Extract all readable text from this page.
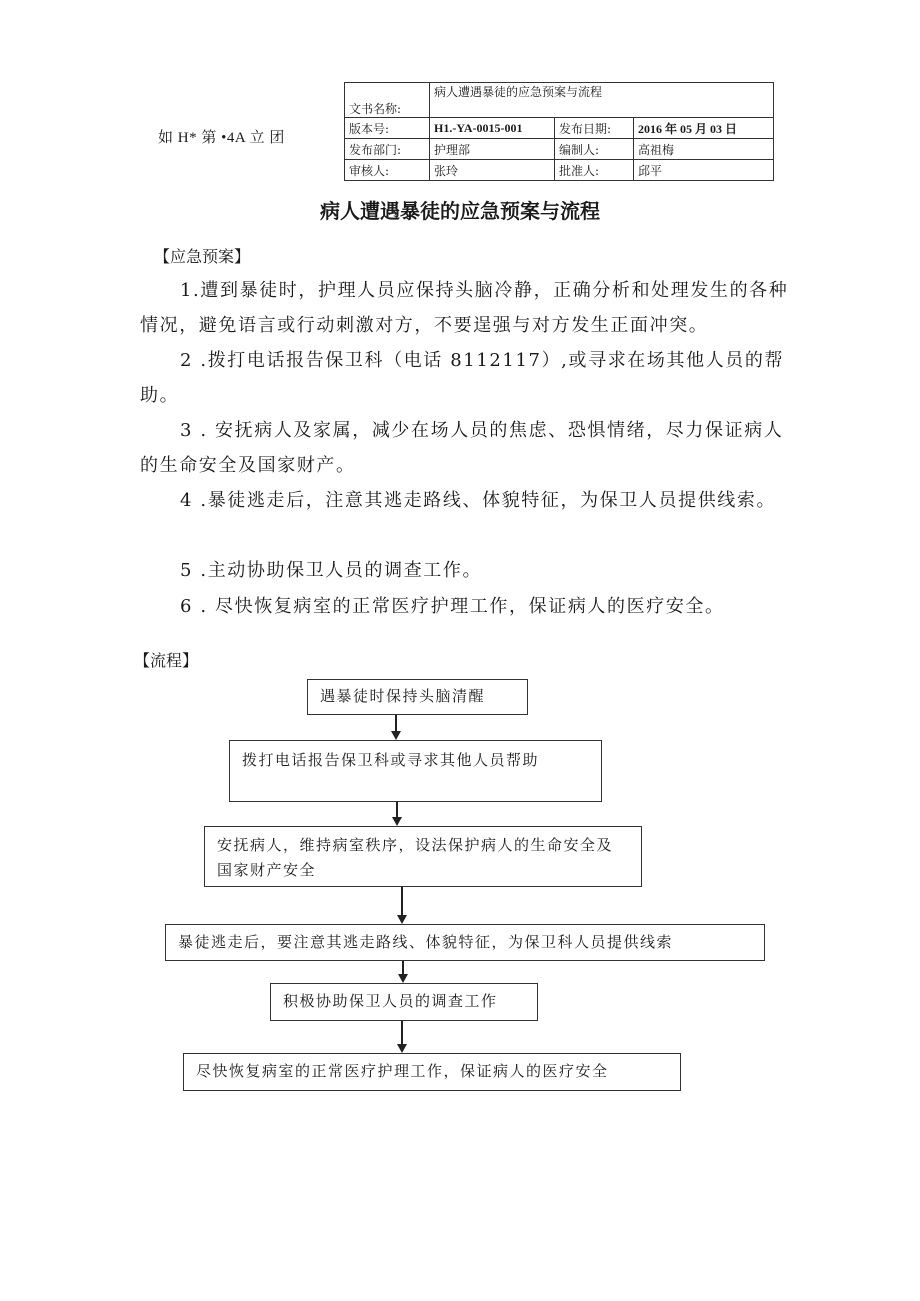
如 H* 第 •4A 立 团
文书名称:	病人遭遇暴徒的应急预案与流程		
版本号:	H1.-YA-0015-001	发布日期:	2016 年 05 月 03 日
发布部门:	护理部	编制人:	高祖梅
审核人:	张玲	批准人:	邱平
病人遭遇暴徒的应急预案与流程
【应急预案】
1.遭到暴徒时，护理人员应保持头脑冷静，正确分析和处理发生的各种情况，避免语言或行动刺激对方，不要逞强与对方发生正面冲突。
2 .拨打电话报告保卫科（电话 8112117）,或寻求在场其他人员的帮助。
3 . 安抚病人及家属，减少在场人员的焦虑、恐惧情绪，尽力保证病人的生命安全及国家财产。
4 .暴徒逃走后，注意其逃走路线、体貌特征，为保卫人员提供线索。
5 .主动协助保卫人员的调查工作。
6 . 尽快恢复病室的正常医疗护理工作，保证病人的医疗安全。
【流程】
遇暴徒时保持头脑清醒
拨打电话报告保卫科或寻求其他人员帮助
安抚病人，维持病室秩序，设法保护病人的生命安全及国家财产安全
暴徒逃走后，要注意其逃走路线、体貌特征，为保卫科人员提供线索
积极协助保卫人员的调查工作
尽快恢复病室的正常医疗护理工作，保证病人的医疗安全
